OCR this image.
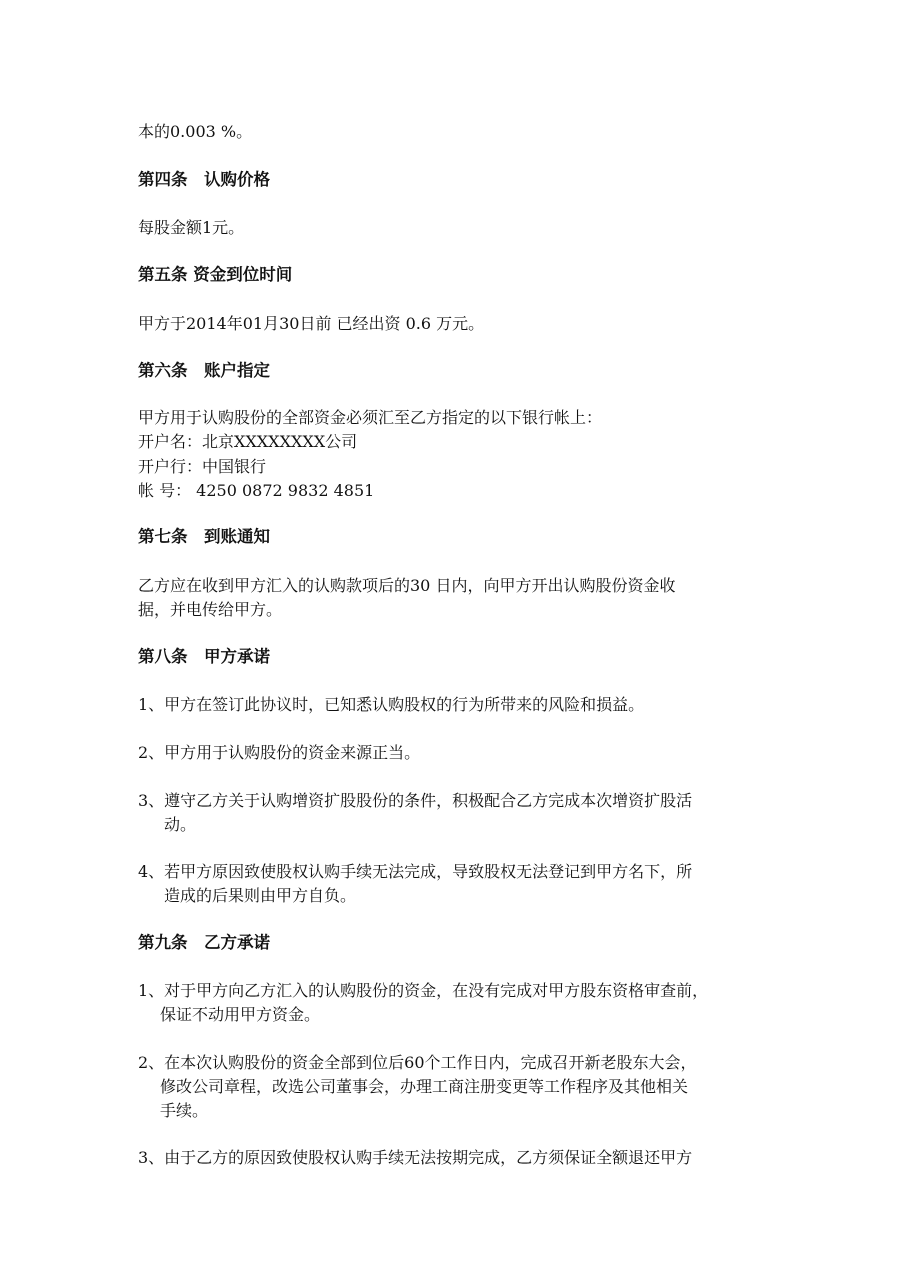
本的0.003 %。
第四条　认购价格
每股金额1元。
第五条 资金到位时间
甲方于2014年01月30日前 已经出资 0.6 万元。
第六条　账户指定
甲方用于认购股份的全部资金必须汇至乙方指定的以下银行帐上：
开户名：北京XXXXXXXX公司
开户行：中国银行
帐 号： 4250 0872 9832 4851
第七条　到账通知
乙方应在收到甲方汇入的认购款项后的30 日内，向甲方开出认购股份资金收
据，并电传给甲方。
第八条　甲方承诺
1、甲方在签订此协议时，已知悉认购股权的行为所带来的风险和损益。
2、甲方用于认购股份的资金来源正当。
3、遵守乙方关于认购增资扩股股份的条件，积极配合乙方完成本次增资扩股活
动。
4、若甲方原因致使股权认购手续无法完成，导致股权无法登记到甲方名下，所
造成的后果则由甲方自负。
第九条　乙方承诺
1、对于甲方向乙方汇入的认购股份的资金，在没有完成对甲方股东资格审查前，
保证不动用甲方资金。
2、在本次认购股份的资金全部到位后60个工作日内，完成召开新老股东大会，
修改公司章程，改选公司董事会，办理工商注册变更等工作程序及其他相关
手续。
3、由于乙方的原因致使股权认购手续无法按期完成，乙方须保证全额退还甲方
